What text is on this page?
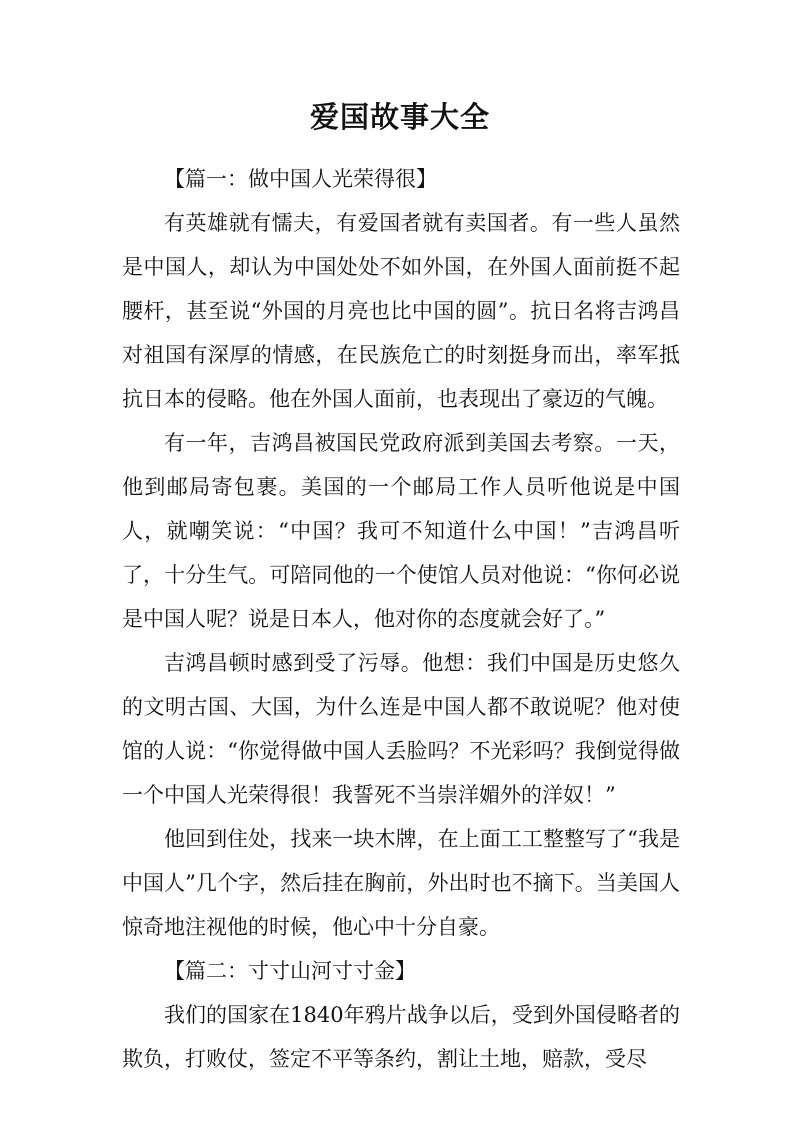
爱国故事大全

【篇一：做中国人光荣得很】

有英雄就有懦夫，有爱国者就有卖国者。有一些人虽然是中国人，却认为中国处处不如外国，在外国人面前挺不起腰杆，甚至说“外国的月亮也比中国的圆”。抗日名将吉鸿昌对祖国有深厚的情感，在民族危亡的时刻挺身而出，率军抵抗日本的侵略。他在外国人面前，也表现出了豪迈的气魄。

有一年，吉鸿昌被国民党政府派到美国去考察。一天，他到邮局寄包裹。美国的一个邮局工作人员听他说是中国人，就嘲笑说：“中国？我可不知道什么中国！”吉鸿昌听了，十分生气。可陪同他的一个使馆人员对他说：“你何必说是中国人呢？说是日本人，他对你的态度就会好了。”

吉鸿昌顿时感到受了污辱。他想：我们中国是历史悠久的文明古国、大国，为什么连是中国人都不敢说呢？他对使馆的人说：“你觉得做中国人丢脸吗？不光彩吗？我倒觉得做一个中国人光荣得很！我誓死不当崇洋媚外的洋奴！”

他回到住处，找来一块木牌，在上面工工整整写了“我是中国人”几个字，然后挂在胸前，外出时也不摘下。当美国人惊奇地注视他的时候，他心中十分自豪。

【篇二：寸寸山河寸寸金】

我们的国家在1840年鸦片战争以后，受到外国侵略者的欺负，打败仗，签定不平等条约，割让土地，赔款，受尽
